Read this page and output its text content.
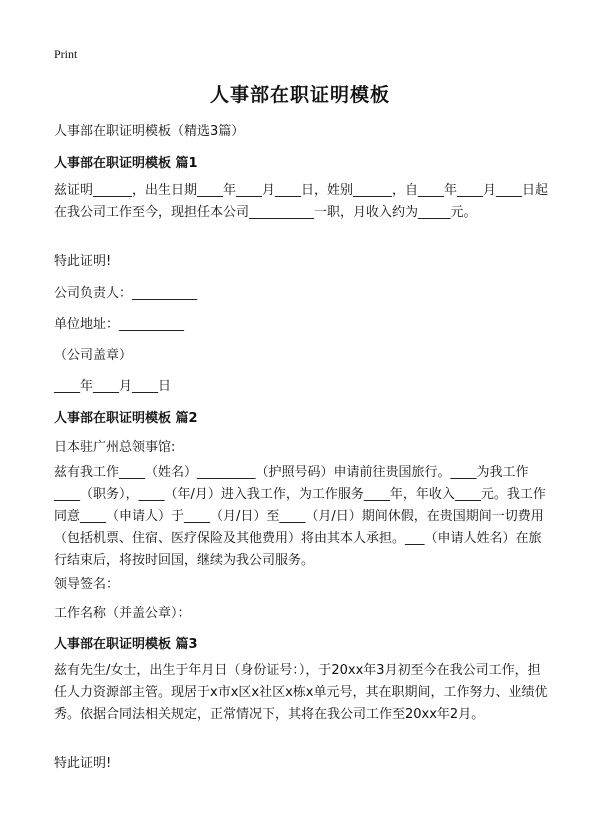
Print
人事部在职证明模板
人事部在职证明模板（精选3篇）
人事部在职证明模板 篇1
兹证明______，出生日期____年____月____日，姓别______，自____年____月____日起在我公司工作至今，现担任本公司__________一职，月收入约为_____元。
特此证明!
公司负责人：__________
单位地址：__________
（公司盖章）
____年____月____日
人事部在职证明模板 篇2
日本驻广州总领事馆:
兹有我工作____（姓名）_________（护照号码）申请前往贵国旅行。____为我工作____（职务），____（年/月）进入我工作，为工作服务____年，年收入____元。我工作同意____（申请人）于____（月/日）至____（月/日）期间休假，在贵国期间一切费用（包括机票、住宿、医疗保险及其他费用）将由其本人承担。___（申请人姓名）在旅行结束后，将按时回国，继续为我公司服务。
领导签名：
工作名称（并盖公章）：
人事部在职证明模板 篇3
兹有先生/女士，出生于年月日（身份证号：），于20xx年3月初至今在我公司工作，担任人力资源部主管。现居于x市x区x社区x栋x单元号，其在职期间，工作努力、业绩优秀。依据合同法相关规定，正常情况下，其将在我公司工作至20xx年2月。
特此证明!
